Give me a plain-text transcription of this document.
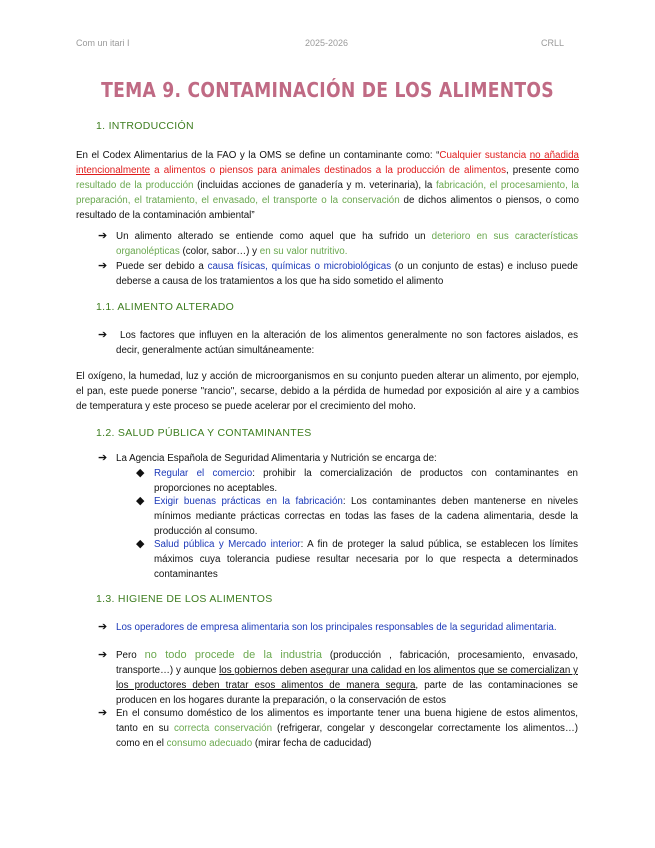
Com un itari I	2025-2026	CRLL
TEMA 9. CONTAMINACIÓN DE LOS ALIMENTOS
1. INTRODUCCIÓN
En el Codex Alimentarius de la FAO y la OMS se define un contaminante como: “Cualquier sustancia no añadida intencionalmente a alimentos o piensos para animales destinados a la producción de alimentos, presente como resultado de la producción (incluidas acciones de ganadería y m. veterinaria), la fabricación, el procesamiento, la preparación, el tratamiento, el envasado, el transporte o la conservación de dichos alimentos o piensos, o como resultado de la contaminación ambiental”
➔ Un alimento alterado se entiende como aquel que ha sufrido un deterioro en sus características organolépticas (color, sabor…) y en su valor nutritivo.
➔ Puede ser debido a causa físicas, químicas o microbiológicas (o un conjunto de estas) e incluso puede deberse a causa de los tratamientos a los que ha sido sometido el alimento
1.1. ALIMENTO ALTERADO
➔	Los factores que influyen en la alteración de los alimentos generalmente no son factores aislados, es decir, generalmente actúan simultáneamente:
El oxígeno, la humedad, luz y acción de microorganismos en su conjunto pueden alterar un alimento, por ejemplo, el pan, este puede ponerse "rancio", secarse, debido a la pérdida de humedad por exposición al aire y a cambios de temperatura y este proceso se puede acelerar por el crecimiento del moho.
1.2. SALUD PÚBLICA Y CONTAMINANTES
➔ La Agencia Española de Seguridad Alimentaria y Nutrición se encarga de:
◆ Regular el comercio: prohibir la comercialización de productos con contaminantes en proporciones no aceptables.
◆ Exigir buenas prácticas en la fabricación: Los contaminantes deben mantenerse en niveles mínimos mediante prácticas correctas en todas las fases de la cadena alimentaria, desde la producción al consumo.
◆ Salud pública y Mercado interior: A fin de proteger la salud pública, se establecen los límites máximos cuya tolerancia pudiese resultar necesaria por lo que respecta a determinados contaminantes
1.3. HIGIENE DE LOS ALIMENTOS
➔ Los operadores de empresa alimentaria son los principales responsables de la seguridad alimentaria.
➔ Pero no todo procede de la industria (producción , fabricación, procesamiento, envasado, transporte…) y aunque los gobiernos deben asegurar una calidad en los alimentos que se comercializan y los productores deben tratar esos alimentos de manera segura, parte de las contaminaciones se producen en los hogares durante la preparación, o la conservación de estos
➔ En el consumo doméstico de los alimentos es importante tener una buena higiene de estos alimentos, tanto en su correcta conservación (refrigerar, congelar y descongelar correctamente los alimentos…) como en el consumo adecuado (mirar fecha de caducidad)
